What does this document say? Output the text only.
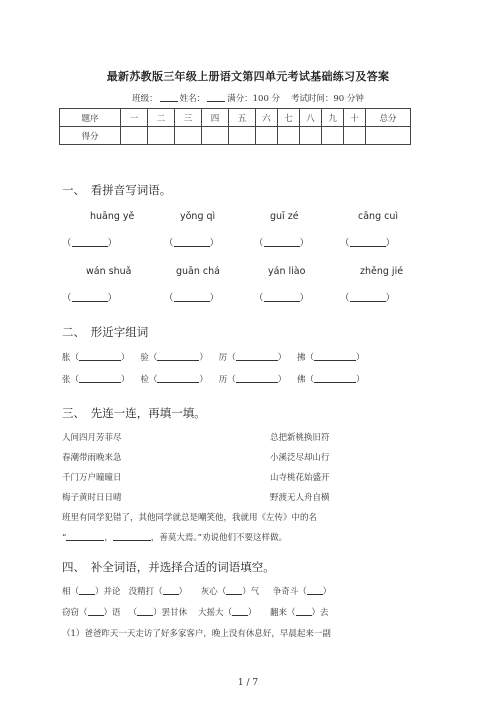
最新苏教版三年级上册语文第四单元考试基础练习及答案
班级：	姓名：	满分：100 分 考试时间：90 分钟
题序	一	二	三	四	五	六	七	八	九	十	总分
得分											
一、　看拼音写词语。
huāng yě	yǒng qì	guī zé	cāng cuì
（	）	（	）	（	）	（	）
wán shuǎ	guān chá	yán liào	zhěng jié
（	）	（	）	（	）	（	）
二、　形近字组词
胀（	） 验（	） 厉（	） 拂（	）
张（	） 检（	） 历（	） 佛（	）
三、　先连一连，再填一填。
人间四月芳菲尽
春潮带雨晚来急
千门万户曈曈日
梅子黄时日日晴
总把新桃换旧符
小溪泛尽却山行
山寺桃花始盛开
野渡无人舟自横
班里有同学犯错了，其他同学就总是嘲笑他，我就用《左传》中的名
“	，	，善莫大焉。”劝说他们不要这样做。
四、　补全词语，并选择合适的词语填空。
相（ ）并论 没精打（ ） 灰心（ ）气 争奇斗（ ）
窃窃（ ）语 （ ）罢甘休 大摇大（ ） 翻来（ ）去
（1）爸爸昨天一天走访了好多家客户，晚上没有休息好，早晨起来一副
1 / 7
